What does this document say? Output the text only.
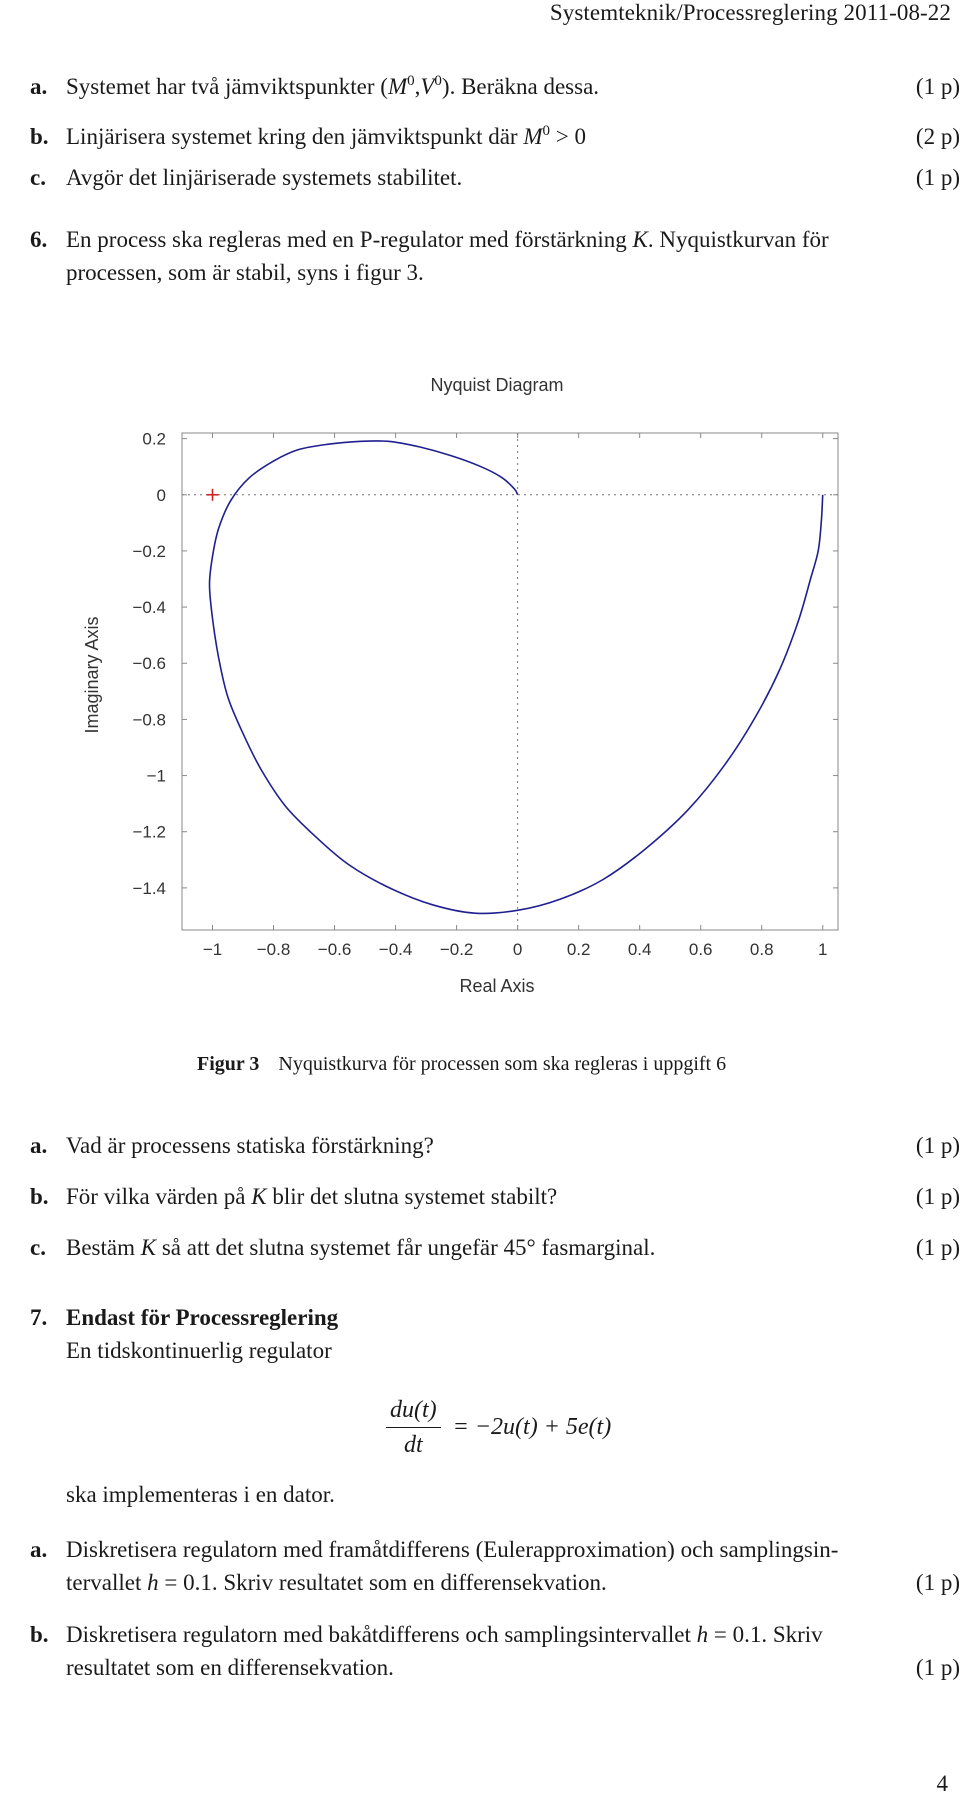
Systemteknik/Processreglering 2011-08-22
a. Systemet har två jämviktspunkter $(M^0,V^0)$. Beräkna dessa.	(1 p)
b. Linjärisera systemet kring den jämviktspunkt där $M^0 > 0$	(2 p)
c. Avgör det linjäriserade systemets stabilitet.	(1 p)
6. En process ska regleras med en P-regulator med förstärkning K. Nyquistkurvan för
processen, som är stabil, syns i figur 3.
Nyquist Diagram
−1 −0.8 −0.6 −0.4 −0.2 0	0.2 0.4 0.6 0.8	1
0.2
0
−0.2
−0.4
−0.6
−0.8
−1
−1.2
−1.4
Real Axis
Imaginary Axis
Figur 3 Nyquistkurva för processen som ska regleras i uppgift 6
a. Vad är processens statiska förstärkning?	(1 p)
b. För vilka värden på K blir det slutna systemet stabilt?	(1 p)
c. Bestäm K så att det slutna systemet får ungefär 45° fasmarginal.	(1 p)
7. Endast för Processreglering
En tidskontinuerlig regulator
$\frac{du(t)}{dt} = -2u(t) + 5e(t)$
ska implementeras i en dator.
a. Diskretisera regulatorn med framåtdifferens (Eulerapproximation) och samplingsin-
tervallet h = 0.1. Skriv resultatet som en differensekvation.	(1 p)
b. Diskretisera regulatorn med bakåtdifferens och samplingsintervallet h = 0.1. Skriv
resultatet som en differensekvation.	(1 p)
4
